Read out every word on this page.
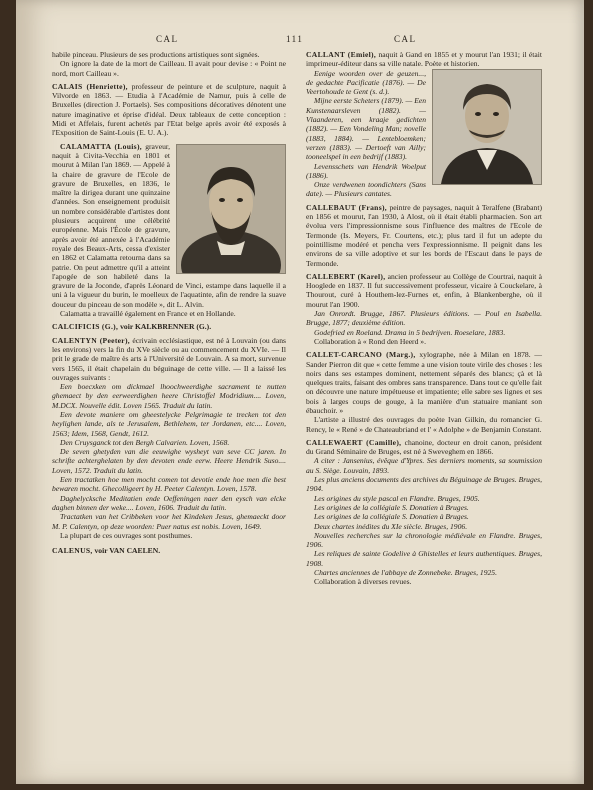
CAL	111	CAL

habile pinceau. Plusieurs de ses productions artistiques sont signées.

On ignore la date de la mort de Cailleau. Il avait pour devise : « Point ne nord, mort Cailleau ».

CALAIS (Henriette), professeur de peinture et de sculpture, naquit à Vilvorde en 1863. — Etudia à l'Académie de Namur, puis à celle de Bruxelles (direction J. Portaels). Ses compositions décoratives dénotent une nature imaginative et éprise d'idéal. Deux tableaux de cette conception : Midi et Affelais, furent achetés par l'Etat belge après avoir été exposés à l'Exposition de Saint-Louis (E. U. A.).

CALAMATTA (Louis), graveur, naquit à Civita-Vecchia en 1801 et mourut à Milan l'an 1869. — Appelé à la chaire de gravure de l'Ecole de gravure de Bruxelles, en 1836, le maître la dirigea durant une quinzaine d'années. Son enseignement produisit un nombre considérable d'artistes dont plusieurs acquirent une célébrité européenne. Mais l'École de gravure, après avoir été annexée à l'Académie royale des Beaux-Arts, cessa d'exister en 1862 et Calamatta retourna dans sa patrie. On peut admettre qu'il a atteint l'apogée de son habileté dans la gravure de la Joconde, d'après Léonard de Vinci, estampe dans laquelle il a uni à la vigueur du burin, le moelleux de l'aquatinte, afin de rendre la suave douceur du pinceau de son modèle », dit L. Alvin.

Calamatta a travaillé également en France et en Hollande.

CALCIFICIS (G.), voir KALKBRENNER (G.).

CALENTYN (Peeter), écrivain ecclésiastique, est né à Louvain (ou dans les environs) vers la fin du XVe siècle ou au commencement du XVIe. — Il prit le grade de maître ès arts à l'Université de Louvain. A sa mort, survenue vers 1565, il était chapelain du béguinage de cette ville. — Il a laissé les ouvrages suivants :

Een boecxken om dickmael lhoochweerdighe sacrament te nutten ghemaect by den eerweerdighen heere Christoffel Modridium.... Loven, M.DCX. Nouvelle édit. Loven 1565. Traduit du latin.

Een devote maniere om gheestelycke Pelgrimagie te trecken tot den heylighen lande, als te Jerusalem, Bethlehem, ter Jordanen, etc.... Loven, 1563; Idem, 1568, Gendt, 1612.

Den Cruysganck tot den Bergh Calvarien. Loven, 1568.

De seven ghetyden van die eeuwighe wysheyt van seve CC jaren. In schrifte achterghelaten by den devoten ende eerw. Heere Hendrik Suso.... Loven, 1572. Traduit du latin.

Een tractatken hoe men mocht comen tot devotie ende hoe men die best bewaren mocht. Ghecolligeert by H. Peeter Calentyn. Loven, 1578.

Daghelycksche Meditatien ende Oeffeningen naer den eysch van elcke daghen binnen der weke.... Loven, 1606. Traduit du latin.

Tractatken van het Cribbeken voor het Kindeken Jesus, ghemaeckt door M. P. Calentyn, op deze woorden: Puer natus est nobis. Loven, 1649.

La plupart de ces ouvrages sont posthumes.

CALENUS, voir VAN CAELEN.

CALLANT (Emiel), naquit à Gand en 1855 et y mourut l'an 1931; il était imprimeur-éditeur dans sa ville natale. Poète et historien.

Eenige woorden over de geuzen..., de gedachte Pacificatie (1876). — De Veertohoude te Gent (s. d.).

Mijne eerste Scheters (1879). — Een Kunstenaarsleven (1882). — Vlaanderen, een kraaje gedichten (1882). — Een Vondeling Man; novelle (1883, 1884). — Lentebloemken; verzen (1883). — Dertoeft van Ailly; tooneelspel in een bedrijf (1883).

Levensschets van Hendrik Woelput (1886).

Onze verdwenen toondichters (Sans date). — Plusieurs cantates.

CALLEBAUT (Frans), peintre de paysages, naquit à Teralfene (Brabant) en 1856 et mourut, l'an 1930, à Alost, où il était établi pharmacien. Son art évolua vers l'impressionnisme sous l'influence des maîtres de l'Ecole de Termonde (Is. Meyers, Fr. Courtens, etc.); plus tard il fut un adepte du pointillisme modéré et pencha vers l'expressionnisme. Il peignit dans les environs de sa ville adoptive et sur les bords de l'Escaut dans le pays de Termonde.

CALLEBERT (Karel), ancien professeur au Collège de Courtrai, naquit à Hooglede en 1837. Il fut successivement professeur, vicaire à Couckelare, à Thourout, curé à Houthem-lez-Furnes et, enfin, à Blankenberghe, où il mourut l'an 1900.

Jan Onrordt. Brugge, 1867. Plusieurs éditions. — Poul en Isabella. Brugge, 1877; deuxième édition.

Godefried en Roeland. Drama in 5 bedrijven. Roeselare, 1883.

Collaboration à « Rond den Heerd ».

CALLET-CARCANO (Marg.), xylographe, née à Milan en 1878. — Sander Pierron dit que « cette femme a une vision toute virile des choses : les noirs dans ses estampes dominent, nettement séparés des blancs; çà et là quelques traits, faisant des ombres sans transparence. Dans tout ce qu'elle fait on découvre une nature impétueuse et impatiente; elle sabre ses lignes et ses bois à larges coups de gouge, à la manière d'un statuaire maniant son ébauchoir. »

L'artiste a illustré des ouvrages du poète Ivan Gilkin, du romancier G. Rency, le « René » de Chateaubriand et l' « Adolphe » de Benjamin Constant.

CALLEWAERT (Camille), chanoine, docteur en droit canon, président du Grand Séminaire de Bruges, est né à Sweveghem en 1866.

A citer : Jansenius, évêque d'Ypres. Ses derniers moments, sa soumission au S. Siège. Louvain, 1893.

Les plus anciens documents des archives du Béguinage de Bruges. Bruges, 1904.

Les origines du style pascal en Flandre. Bruges, 1905.

Les origines de la collégiale S. Donatien à Bruges.

Les origines de la collégiale S. Donatien à Bruges.

Deux chartes inédites du XIe siècle. Bruges, 1906.

Nouvelles recherches sur la chronologie médiévale en Flandre. Bruges, 1906.

Les reliques de sainte Godelive à Ghistelles et leurs authentiques. Bruges, 1908.

Chartes anciennes de l'abbaye de Zonnebeke. Bruges, 1925.

Collaboration à diverses revues.
